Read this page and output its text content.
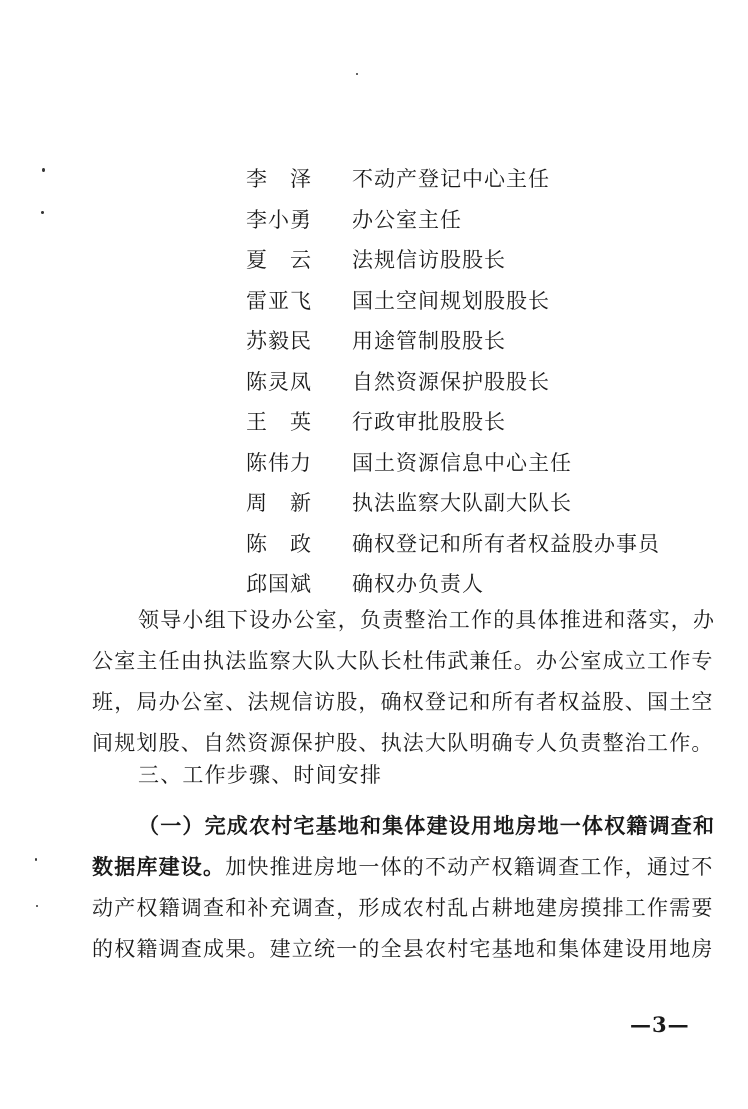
李　泽	不动产登记中心主任
李小勇	办公室主任
夏　云	法规信访股股长
雷亚飞	国土空间规划股股长
苏毅民	用途管制股股长
陈灵凤	自然资源保护股股长
王　英	行政审批股股长
陈伟力	国土资源信息中心主任
周　新	执法监察大队副大队长
陈　政	确权登记和所有者权益股办事员
邱国斌	确权办负责人

领导小组下设办公室，负责整治工作的具体推进和落实，办
公室主任由执法监察大队大队长杜伟武兼任。办公室成立工作专
班，局办公室、法规信访股，确权登记和所有者权益股、国土空
间规划股、自然资源保护股、执法大队明确专人负责整治工作。

三、工作步骤、时间安排

（一）完成农村宅基地和集体建设用地房地一体权籍调查和
数据库建设。加快推进房地一体的不动产权籍调查工作，通过不
动产权籍调查和补充调查，形成农村乱占耕地建房摸排工作需要
的权籍调查成果。建立统一的全县农村宅基地和集体建设用地房

—3—
